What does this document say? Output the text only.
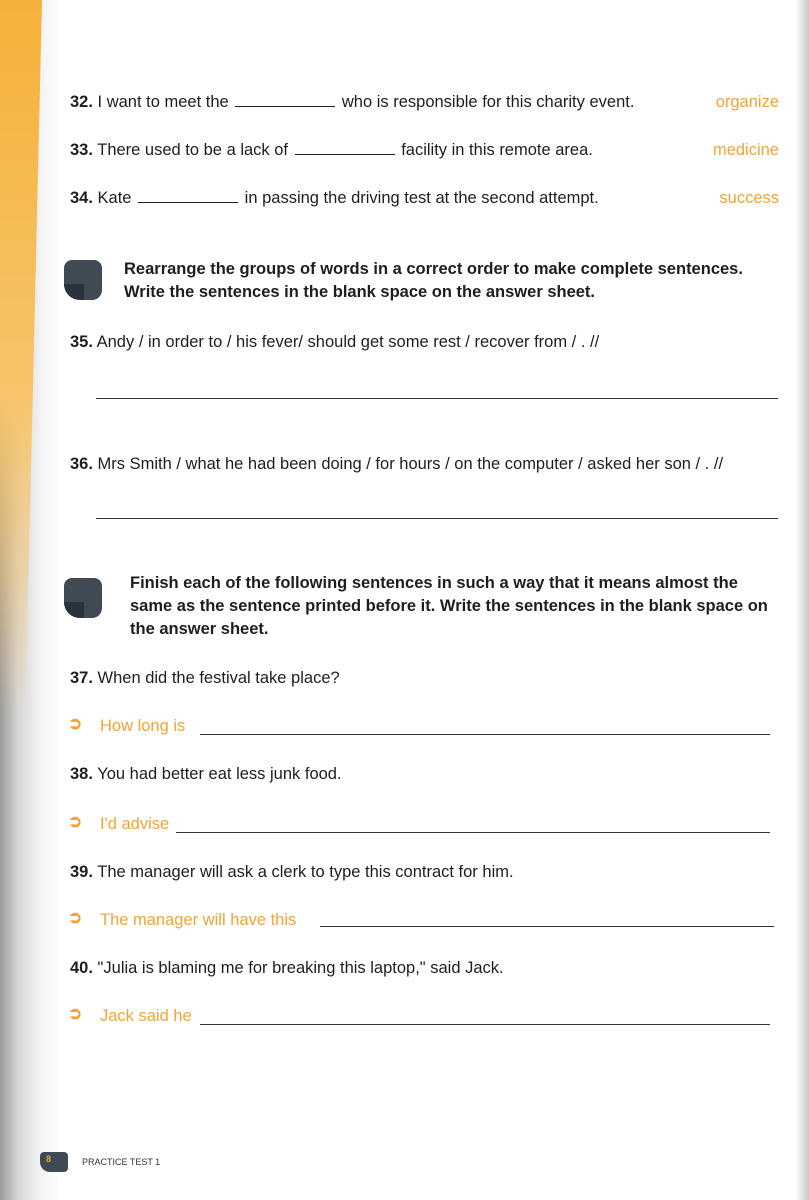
32. I want to meet the	who is responsible for this charity event.	organize
33. There used to be a lack of	facility in this remote area.	medicine
34. Kate	in passing the driving test at the second attempt.	success
Rearrange the groups of words in a correct order to make complete sentences. Write the sentences in the blank space on the answer sheet.
35. Andy / in order to / his fever/ should get some rest / recover from / . //
36. Mrs Smith / what he had been doing / for hours / on the computer / asked her son / . //
Finish each of the following sentences in such a way that it means almost the same as the sentence printed before it. Write the sentences in the blank space on the answer sheet.
37. When did the festival take place?
➲ How long is
38. You had better eat less junk food.
➲ I'd advise
39. The manager will ask a clerk to type this contract for him.
➲ The manager will have this
40. "Julia is blaming me for breaking this laptop," said Jack.
➲ Jack said he
8	PRACTICE TEST 1
